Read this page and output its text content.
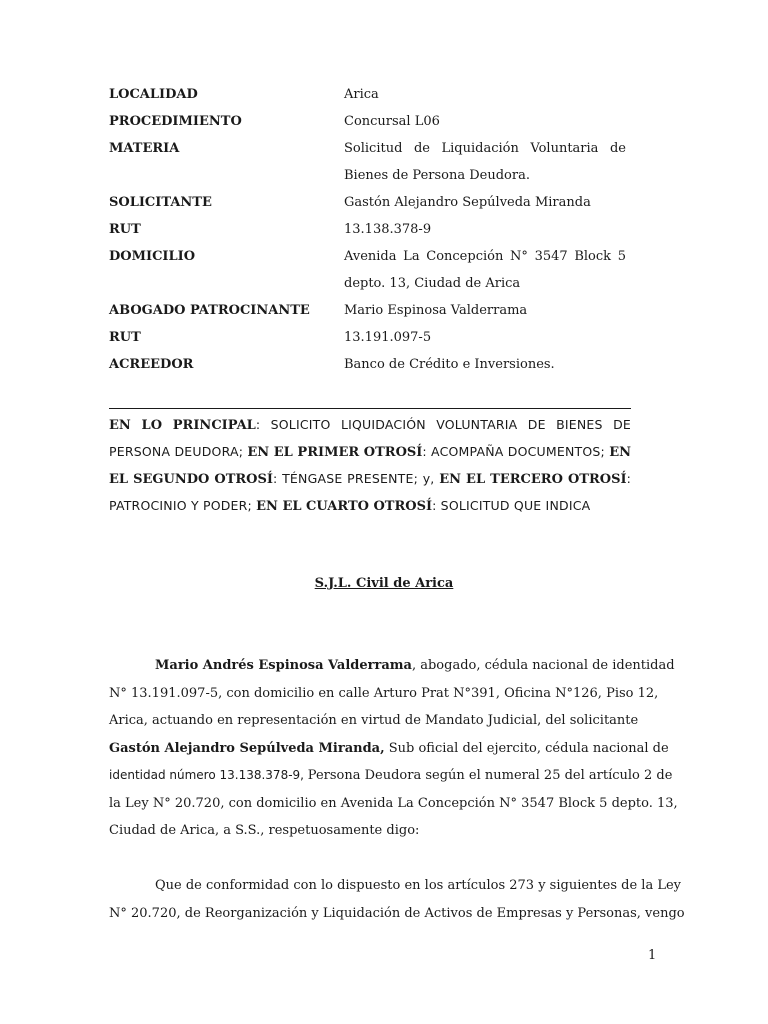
LOCALIDAD	Arica
PROCEDIMIENTO	Concursal L06
MATERIA	Solicitud de Liquidación Voluntaria de
Bienes de Persona Deudora.
SOLICITANTE	Gastón Alejandro Sepúlveda Miranda
RUT	13.138.378-9
DOMICILIO	Avenida La Concepción N° 3547 Block 5
depto. 13, Ciudad de Arica
ABOGADO PATROCINANTE	Mario Espinosa Valderrama
RUT	13.191.097-5
ACREEDOR	Banco de Crédito e Inversiones.
EN LO PRINCIPAL: SOLICITO LIQUIDACIÓN VOLUNTARIA DE BIENES DE
PERSONA DEUDORA; EN EL PRIMER OTROSÍ: ACOMPAÑA DOCUMENTOS; EN
EL SEGUNDO OTROSÍ: TÉNGASE PRESENTE; y, EN EL TERCERO OTROSÍ:
PATROCINIO Y PODER; EN EL CUARTO OTROSÍ: SOLICITUD QUE INDICA
S.J.L. Civil de Arica
Mario Andrés Espinosa Valderrama, abogado, cédula nacional de identidad
N° 13.191.097-5, con domicilio en calle Arturo Prat N°391, Oficina N°126, Piso 12,
Arica, actuando en representación en virtud de Mandato Judicial, del solicitante
Gastón Alejandro Sepúlveda Miranda, Sub oficial del ejercito, cédula nacional de
identidad número 13.138.378-9, Persona Deudora según el numeral 25 del artículo 2 de
la Ley N° 20.720, con domicilio en Avenida La Concepción N° 3547 Block 5 depto. 13,
Ciudad de Arica, a S.S., respetuosamente digo:
Que de conformidad con lo dispuesto en los artículos 273 y siguientes de la Ley
N° 20.720, de Reorganización y Liquidación de Activos de Empresas y Personas, vengo
1
